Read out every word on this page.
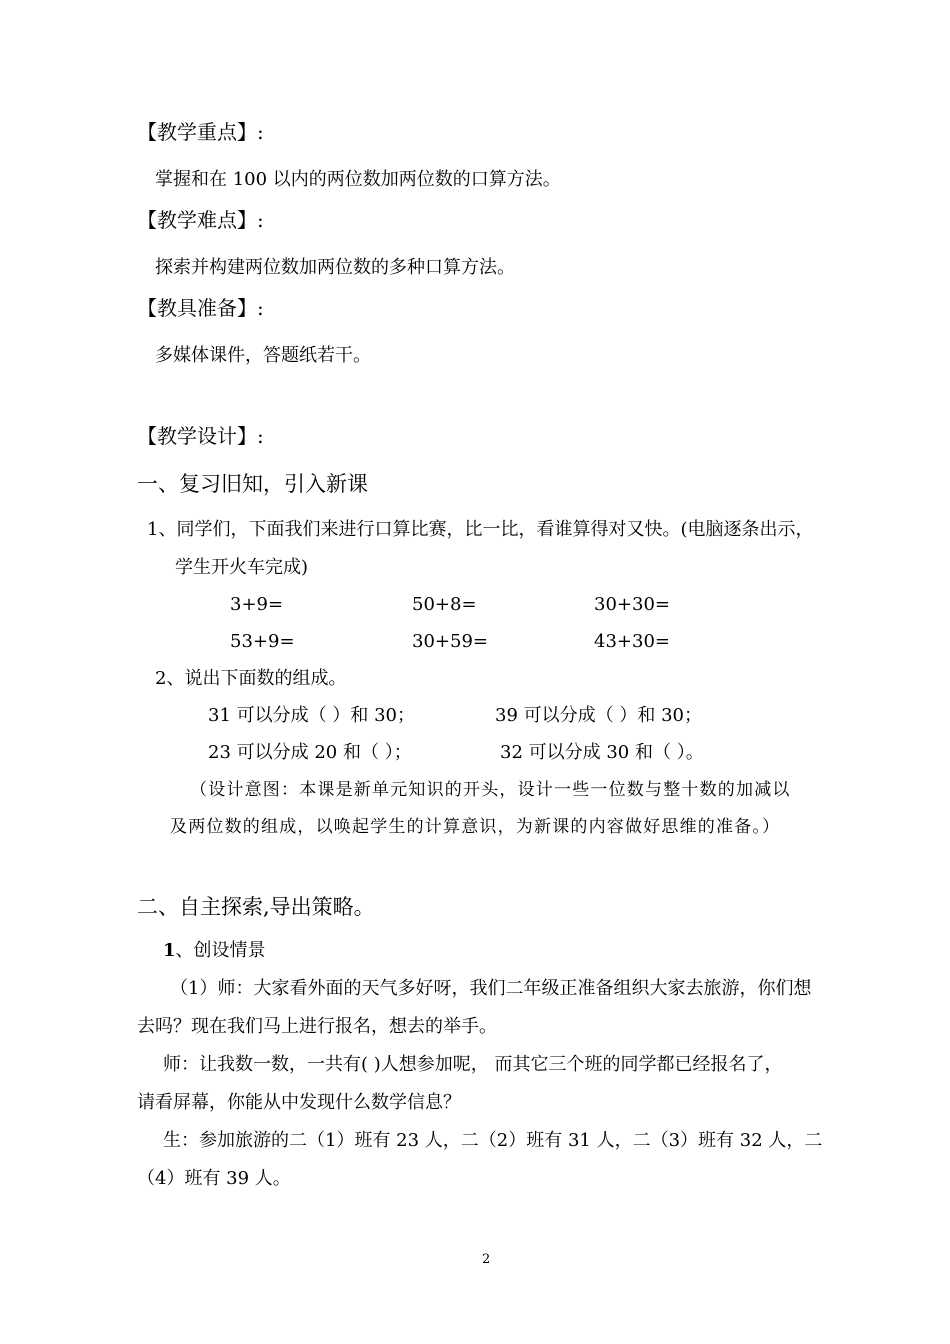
【教学重点】:
掌握和在 100 以内的两位数加两位数的口算方法。
【教学难点】:
探索并构建两位数加两位数的多种口算方法。
【教具准备】:
多媒体课件，答题纸若干。
【教学设计】:
一、复习旧知，引入新课
1、同学们，下面我们来进行口算比赛，比一比，看谁算得对又快。(电脑逐条出示，
学生开火车完成)
3+9=	50+8=	30+30=
53+9=	30+59=	43+30=
2、说出下面数的组成。
31 可以分成（ ）和 30；	39 可以分成（ ）和 30；
23 可以分成 20 和（ ）；	32 可以分成 30 和（ ）。
（设计意图：本课是新单元知识的开头，设计一些一位数与整十数的加减以
及两位数的组成，以唤起学生的计算意识，为新课的内容做好思维的准备。）
二、自主探索,导出策略。
1、创设情景
（1）师：大家看外面的天气多好呀，我们二年级正准备组织大家去旅游，你们想
去吗？现在我们马上进行报名，想去的举手。
师：让我数一数，一共有( )人想参加呢， 而其它三个班的同学都已经报名了，
请看屏幕，你能从中发现什么数学信息？
生：参加旅游的二（1）班有 23 人，二（2）班有 31 人，二（3）班有 32 人，二
（4）班有 39 人。
2
